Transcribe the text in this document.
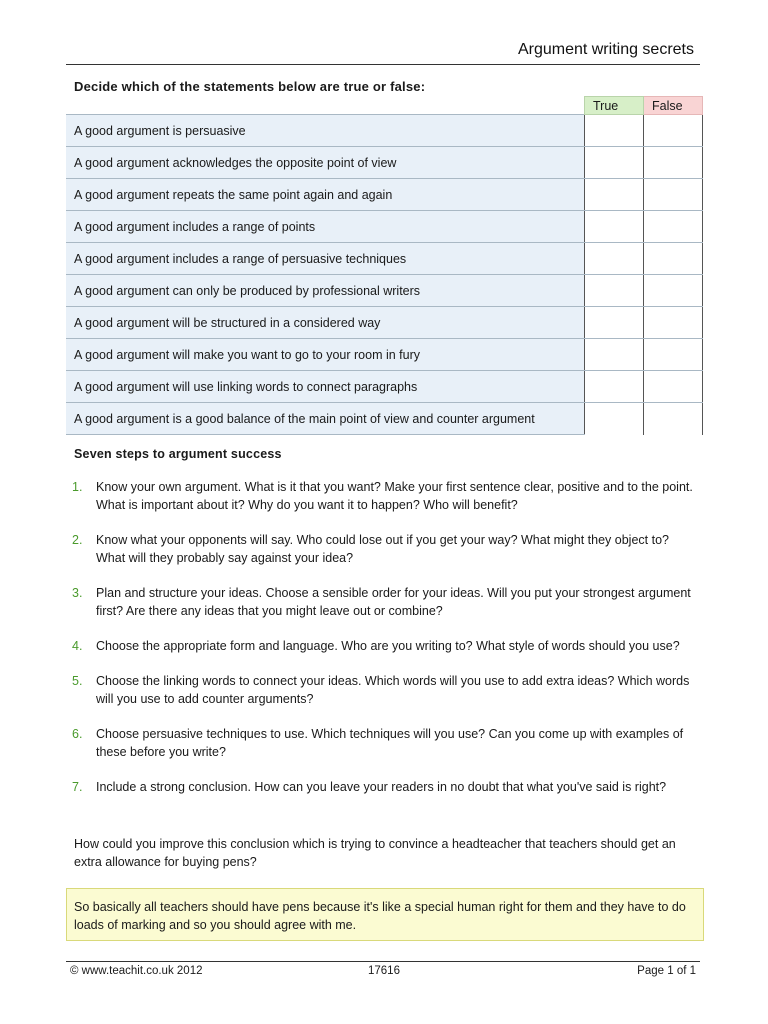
Argument writing secrets
Decide which of the statements below are true or false:
	True	False
A good argument is persuasive		
A good argument acknowledges the opposite point of view		
A good argument repeats the same point again and again		
A good argument includes a range of points		
A good argument includes a range of persuasive techniques		
A good argument can only be produced by professional writers		
A good argument will be structured in a considered way		
A good argument will make you want to go to your room in fury		
A good argument will use linking words to connect paragraphs		
A good argument is a good balance of the main point of view and counter argument		
Seven steps to argument success
1.	Know your own argument. What is it that you want? Make your first sentence clear, positive and to the point. What is important about it? Why do you want it to happen? Who will benefit?
2.	Know what your opponents will say. Who could lose out if you get your way? What might they object to? What will they probably say against your idea?
3.	Plan and structure your ideas. Choose a sensible order for your ideas. Will you put your strongest argument first? Are there any ideas that you might leave out or combine?
4.	Choose the appropriate form and language. Who are you writing to? What style of words should you use?
5.	Choose the linking words to connect your ideas. Which words will you use to add extra ideas? Which words will you use to add counter arguments?
6.	Choose persuasive techniques to use. Which techniques will you use? Can you come up with examples of these before you write?
7.	Include a strong conclusion. How can you leave your readers in no doubt that what you've said is right?
How could you improve this conclusion which is trying to convince a headteacher that teachers should get an extra allowance for buying pens?
So basically all teachers should have pens because it's like a special human right for them and they have to do loads of marking and so you should agree with me.
© www.teachit.co.uk 2012	17616	Page 1 of 1
